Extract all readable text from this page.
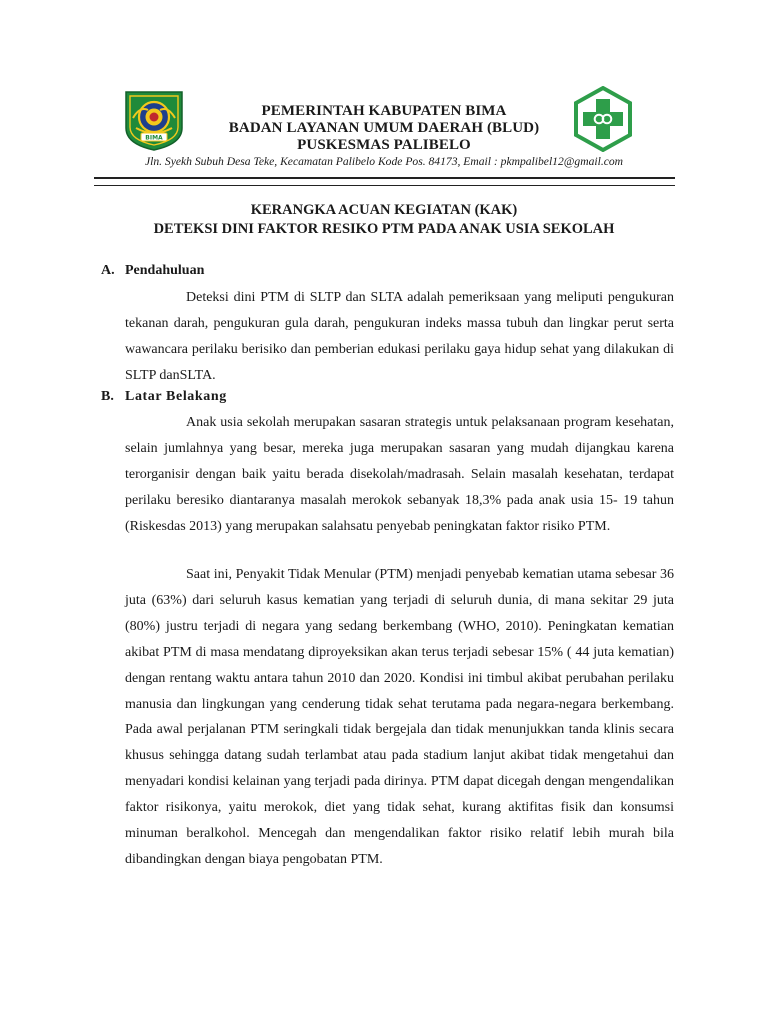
BIMA
PEMERINTAH KABUPATEN BIMA
BADAN LAYANAN UMUM DAERAH (BLUD)
PUSKESMAS PALIBELO
Jln. Syekh Subuh Desa Teke, Kecamatan Palibelo Kode Pos. 84173, Email : pkmpalibel12@gmail.com
KERANGKA ACUAN KEGIATAN (KAK)
DETEKSI DINI FAKTOR RESIKO PTM PADA ANAK USIA SEKOLAH
A. Pendahuluan

Deteksi dini PTM di SLTP dan SLTA adalah pemeriksaan yang meliputi pengukuran tekanan darah, pengukuran gula darah, pengukuran indeks massa tubuh dan lingkar perut serta wawancara perilaku berisiko dan pemberian edukasi perilaku gaya hidup sehat yang dilakukan di SLTP danSLTA.

B. Latar Belakang

Anak usia sekolah merupakan sasaran strategis untuk pelaksanaan program kesehatan, selain jumlahnya yang besar, mereka juga merupakan sasaran yang mudah dijangkau karena terorganisir dengan baik yaitu berada disekolah/madrasah. Selain masalah kesehatan, terdapat perilaku beresiko diantaranya masalah merokok sebanyak 18,3% pada anak usia 15- 19 tahun (Riskesdas 2013) yang merupakan salahsatu penyebab peningkatan faktor risiko PTM.

Saat ini, Penyakit Tidak Menular (PTM) menjadi penyebab kematian utama sebesar 36 juta (63%) dari seluruh kasus kematian yang terjadi di seluruh dunia, di mana sekitar 29 juta (80%) justru terjadi di negara yang sedang berkembang (WHO, 2010). Peningkatan kematian akibat PTM di masa mendatang diproyeksikan akan terus terjadi sebesar 15% ( 44 juta kematian) dengan rentang waktu antara tahun 2010 dan 2020. Kondisi ini timbul akibat perubahan perilaku manusia dan lingkungan yang cenderung tidak sehat terutama pada negara-negara berkembang. Pada awal perjalanan PTM seringkali tidak bergejala dan tidak menunjukkan tanda klinis secara khusus sehingga datang sudah terlambat atau pada stadium lanjut akibat tidak mengetahui dan menyadari kondisi kelainan yang terjadi pada dirinya. PTM dapat dicegah dengan mengendalikan faktor risikonya, yaitu merokok, diet yang tidak sehat, kurang aktifitas fisik dan konsumsi minuman beralkohol. Mencegah dan mengendalikan faktor risiko relatif lebih murah bila dibandingkan dengan biaya pengobatan PTM.
